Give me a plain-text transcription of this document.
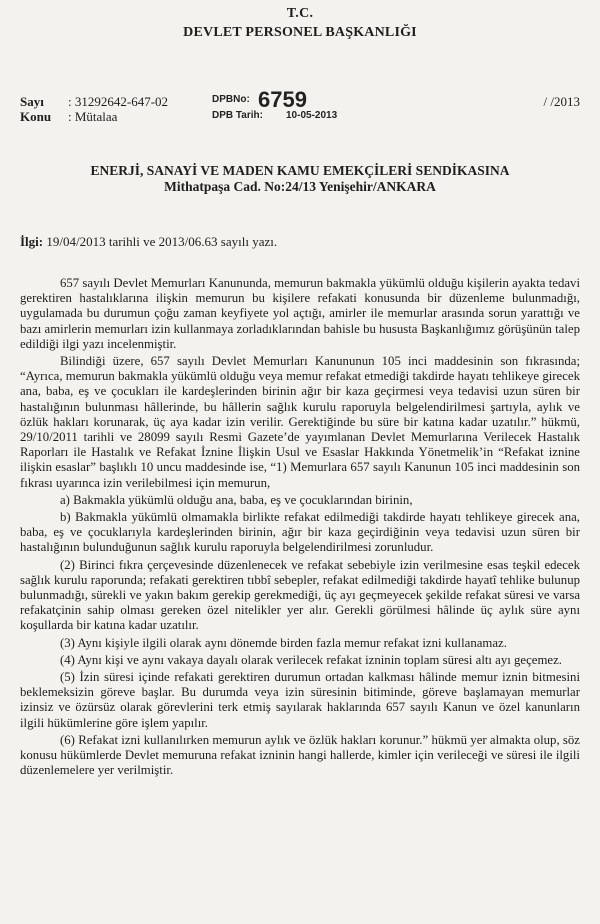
T.C.
DEVLET PERSONEL BAŞKANLIĞI
Sayı : 31292642-647-02
Konu : Mütalaa
DPBNo: 6759
DPB Tarih: 10-05-2013
/ /2013
ENERJİ, SANAYİ VE MADEN KAMU EMEKÇİLERİ SENDİKASINA
Mithatpaşa Cad. No:24/13 Yenişehir/ANKARA
İlgi: 19/04/2013 tarihli ve 2013/06.63 sayılı yazı.

657 sayılı Devlet Memurları Kanununda, memurun bakmakla yükümlü olduğu kişilerin ayakta tedavi gerektiren hastalıklarına ilişkin memurun bu kişilere refakati konusunda bir düzenleme bulunmadığı, uygulamada bu durumun çoğu zaman keyfiyete yol açtığı, amirler ile memurlar arasında sorun yarattığı ve bazı amirlerin memurları izin kullanmaya zorladıklarından bahisle bu hususta Başkanlığımız görüşünün talep edildiği ilgi yazı incelenmiştir.

Bilindiği üzere, 657 sayılı Devlet Memurları Kanununun 105 inci maddesinin son fıkrasında; “Ayrıca, memurun bakmakla yükümlü olduğu veya memur refakat etmediği takdirde hayatı tehlikeye girecek ana, baba, eş ve çocukları ile kardeşlerinden birinin ağır bir kaza geçirmesi veya tedavisi uzun süren bir hastalığının bulunması hâllerinde, bu hâllerin sağlık kurulu raporuyla belgelendirilmesi şartıyla, aylık ve özlük hakları korunarak, üç aya kadar izin verilir. Gerektiğinde bu süre bir katına kadar uzatılır.” hükmü, 29/10/2011 tarihli ve 28099 sayılı Resmi Gazete’de yayımlanan Devlet Memurlarına Verilecek Hastalık Raporları ile Hastalık ve Refakat İznine İlişkin Usul ve Esaslar Hakkında Yönetmelik’in “Refakat iznine ilişkin esaslar” başlıklı 10 uncu maddesinde ise, “1) Memurlara 657 sayılı Kanunun 105 inci maddesinin son fıkrası uyarınca izin verilebilmesi için memurun,

a) Bakmakla yükümlü olduğu ana, baba, eş ve çocuklarından birinin,

b) Bakmakla yükümlü olmamakla birlikte refakat edilmediği takdirde hayatı tehlikeye girecek ana, baba, eş ve çocuklarıyla kardeşlerinden birinin, ağır bir kaza geçirdiğinin veya tedavisi uzun süren bir hastalığının bulunduğunun sağlık kurulu raporuyla belgelendirilmesi zorunludur.

(2) Birinci fıkra çerçevesinde düzenlenecek ve refakat sebebiyle izin verilmesine esas teşkil edecek sağlık kurulu raporunda; refakati gerektiren tıbbî sebepler, refakat edilmediği takdirde hayatî tehlike bulunup bulunmadığı, sürekli ve yakın bakım gerekip gerekmediği, üç ayı geçmeyecek şekilde refakat süresi ve varsa refakatçinin sahip olması gereken özel nitelikler yer alır. Gerekli görülmesi hâlinde üç aylık süre aynı koşullarda bir katına kadar uzatılır.

(3) Aynı kişiyle ilgili olarak aynı dönemde birden fazla memur refakat izni kullanamaz.

(4) Aynı kişi ve aynı vakaya dayalı olarak verilecek refakat izninin toplam süresi altı ayı geçemez.

(5) İzin süresi içinde refakati gerektiren durumun ortadan kalkması hâlinde memur iznin bitmesini beklemeksizin göreve başlar. Bu durumda veya izin süresinin bitiminde, göreve başlamayan memurlar izinsiz ve özürsüz olarak görevlerini terk etmiş sayılarak haklarında 657 sayılı Kanun ve özel kanunların ilgili hükümlerine göre işlem yapılır.

(6) Refakat izni kullanılırken memurun aylık ve özlük hakları korunur.” hükmü yer almakta olup, söz konusu hükümlerde Devlet memuruna refakat izninin hangi hallerde, kimler için verileceği ve süresi ile ilgili düzenlemelere yer verilmiştir.
